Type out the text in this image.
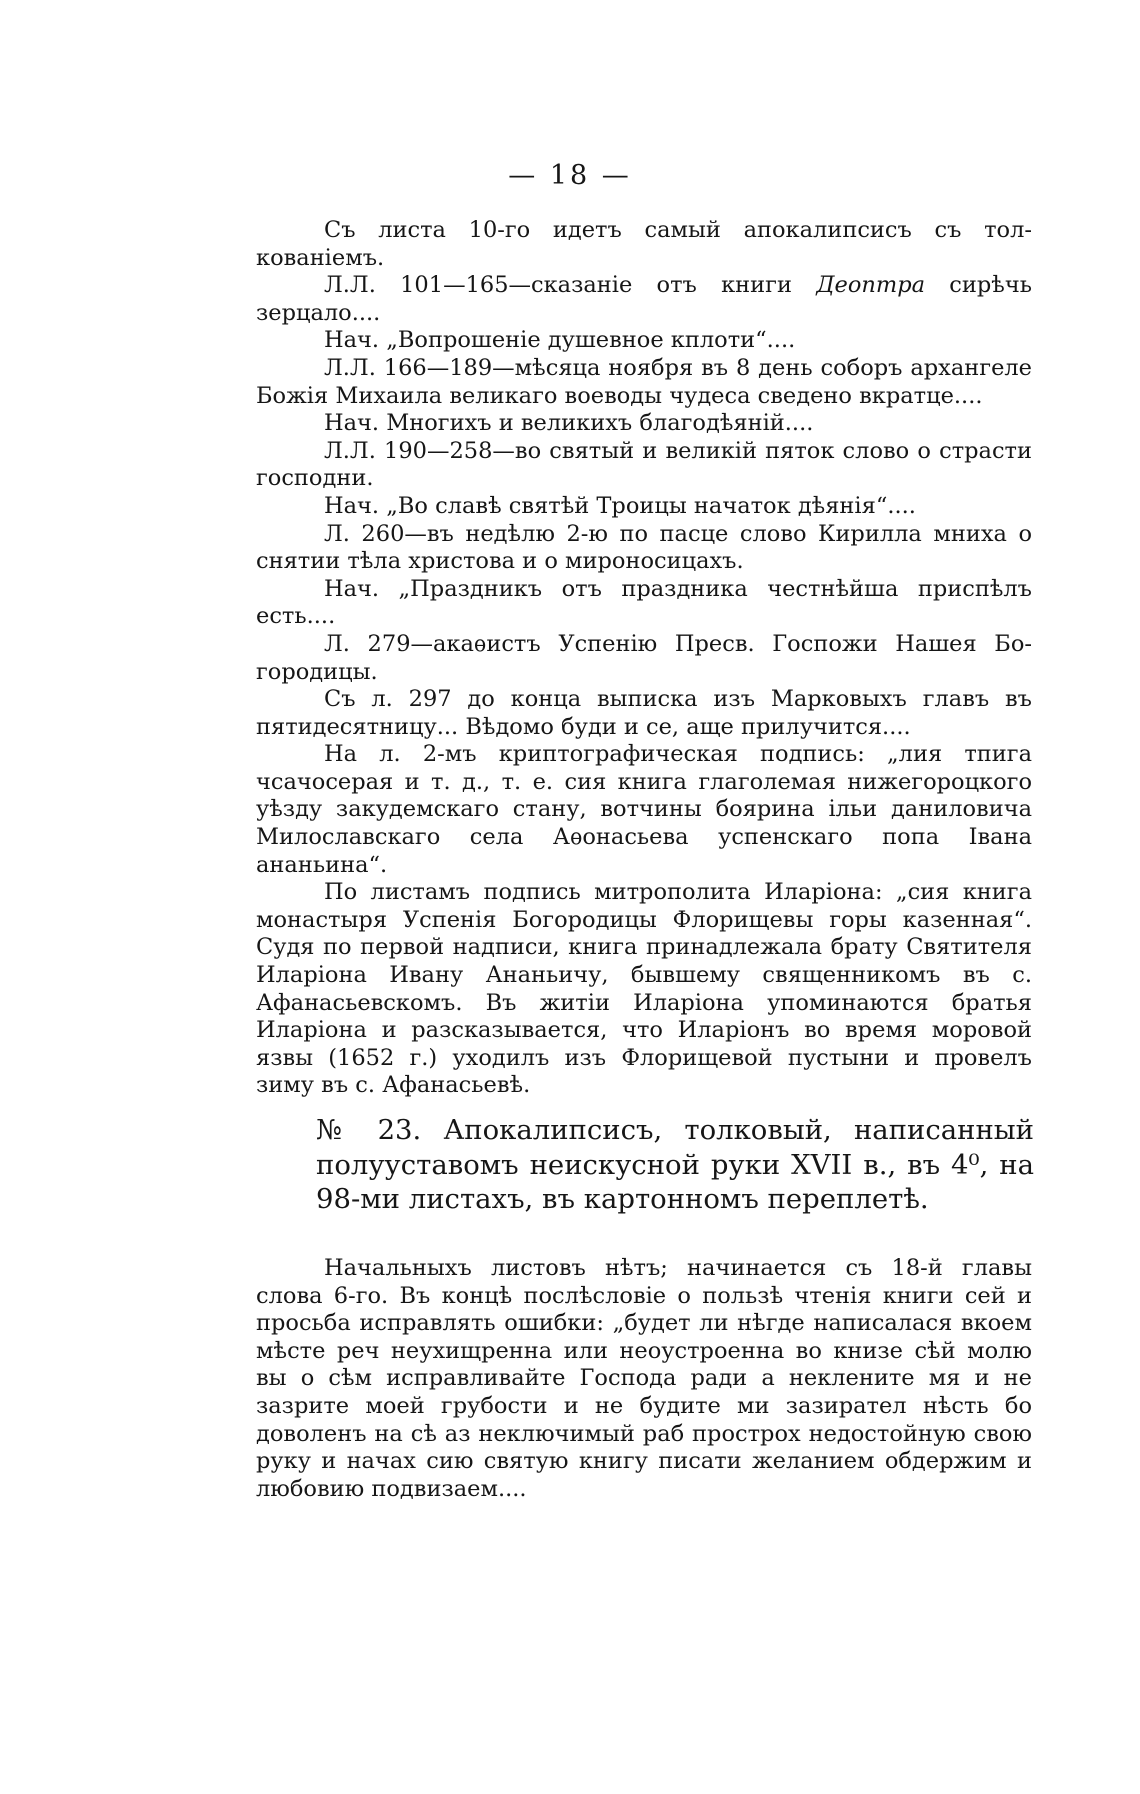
— 18 —

Съ листа 10-го идетъ самый апокалипсисъ съ толкованіемъ.

Л.Л. 101—165—сказаніе отъ книги Деоптра сирѣчь зерцало....

Нач. „Вопрошеніе душевное кплоти“....

Л.Л. 166—189—мѣсяца ноября въ 8 день соборъ архангеле Божія Михаила великаго воеводы чудеса сведено вкратце....

Нач. Многихъ и великихъ благодѣяній....

Л.Л. 190—258—во святый и великій пяток слово о страсти господни.

Нач. „Во славѣ святѣй Троицы начаток дѣянія“....

Л. 260—въ недѣлю 2-ю по пасце слово Кирилла мниха о снятии тѣла христова и о мироносицахъ.

Нач. „Праздникъ отъ праздника честнѣйша приспѣлъ есть....

Л. 279—акаѳистъ Успенію Пресв. Госпожи Нашея Богородицы.

Съ л. 297 до конца выписка изъ Марковыхъ главъ въ пятидесятницу... Вѣдомо буди и се, аще прилучится....

На л. 2-мъ криптографическая подпись: „лия тпига чсачосерая и т. д., т. е. сия книга глаголемая нижегороцкого уѣзду закудемскаго стану, вотчины боярина ільи даниловича Милославскаго села Аѳонасьева успенскаго попа Івана ананьина“.

По листамъ подпись митрополита Иларіона: „сия книга монастыря Успенія Богородицы Флорищевы горы казенная“. Судя по первой надписи, книга принадлежала брату Святителя Иларіона Ивану Ананьичу, бывшему священникомъ въ с. Афанасьевскомъ. Въ житіи Иларіона упоминаются братья Иларіона и разсказывается, что Иларіонъ во время моровой язвы (1652 г.) уходилъ изъ Флорищевой пустыни и провелъ зиму въ с. Афанасьевѣ.

№ 23. Апокалипсисъ, толковый, написанный полууставомъ неискусной руки XVII в., въ 4⁰, на 98-ми листахъ, въ картонномъ переплетѣ.

Начальныхъ листовъ нѣтъ; начинается съ 18-й главы слова 6-го. Въ концѣ послѣсловіе о пользѣ чтенія книги сей и просьба исправлять ошибки: „будет ли нѣгде написалася вкоем мѣсте реч неухищренна или неоустроенна во книзе сѣй молю вы о сѣм исправливайте Господа ради а неклените мя и не зазрите моей грубости и не будите ми зазирател нѣсть бо доволенъ на сѣ аз неключимый раб простроx недостойную свою руку и начах сию святую книгу писати желанием обдержим и любовию подвизаем....
